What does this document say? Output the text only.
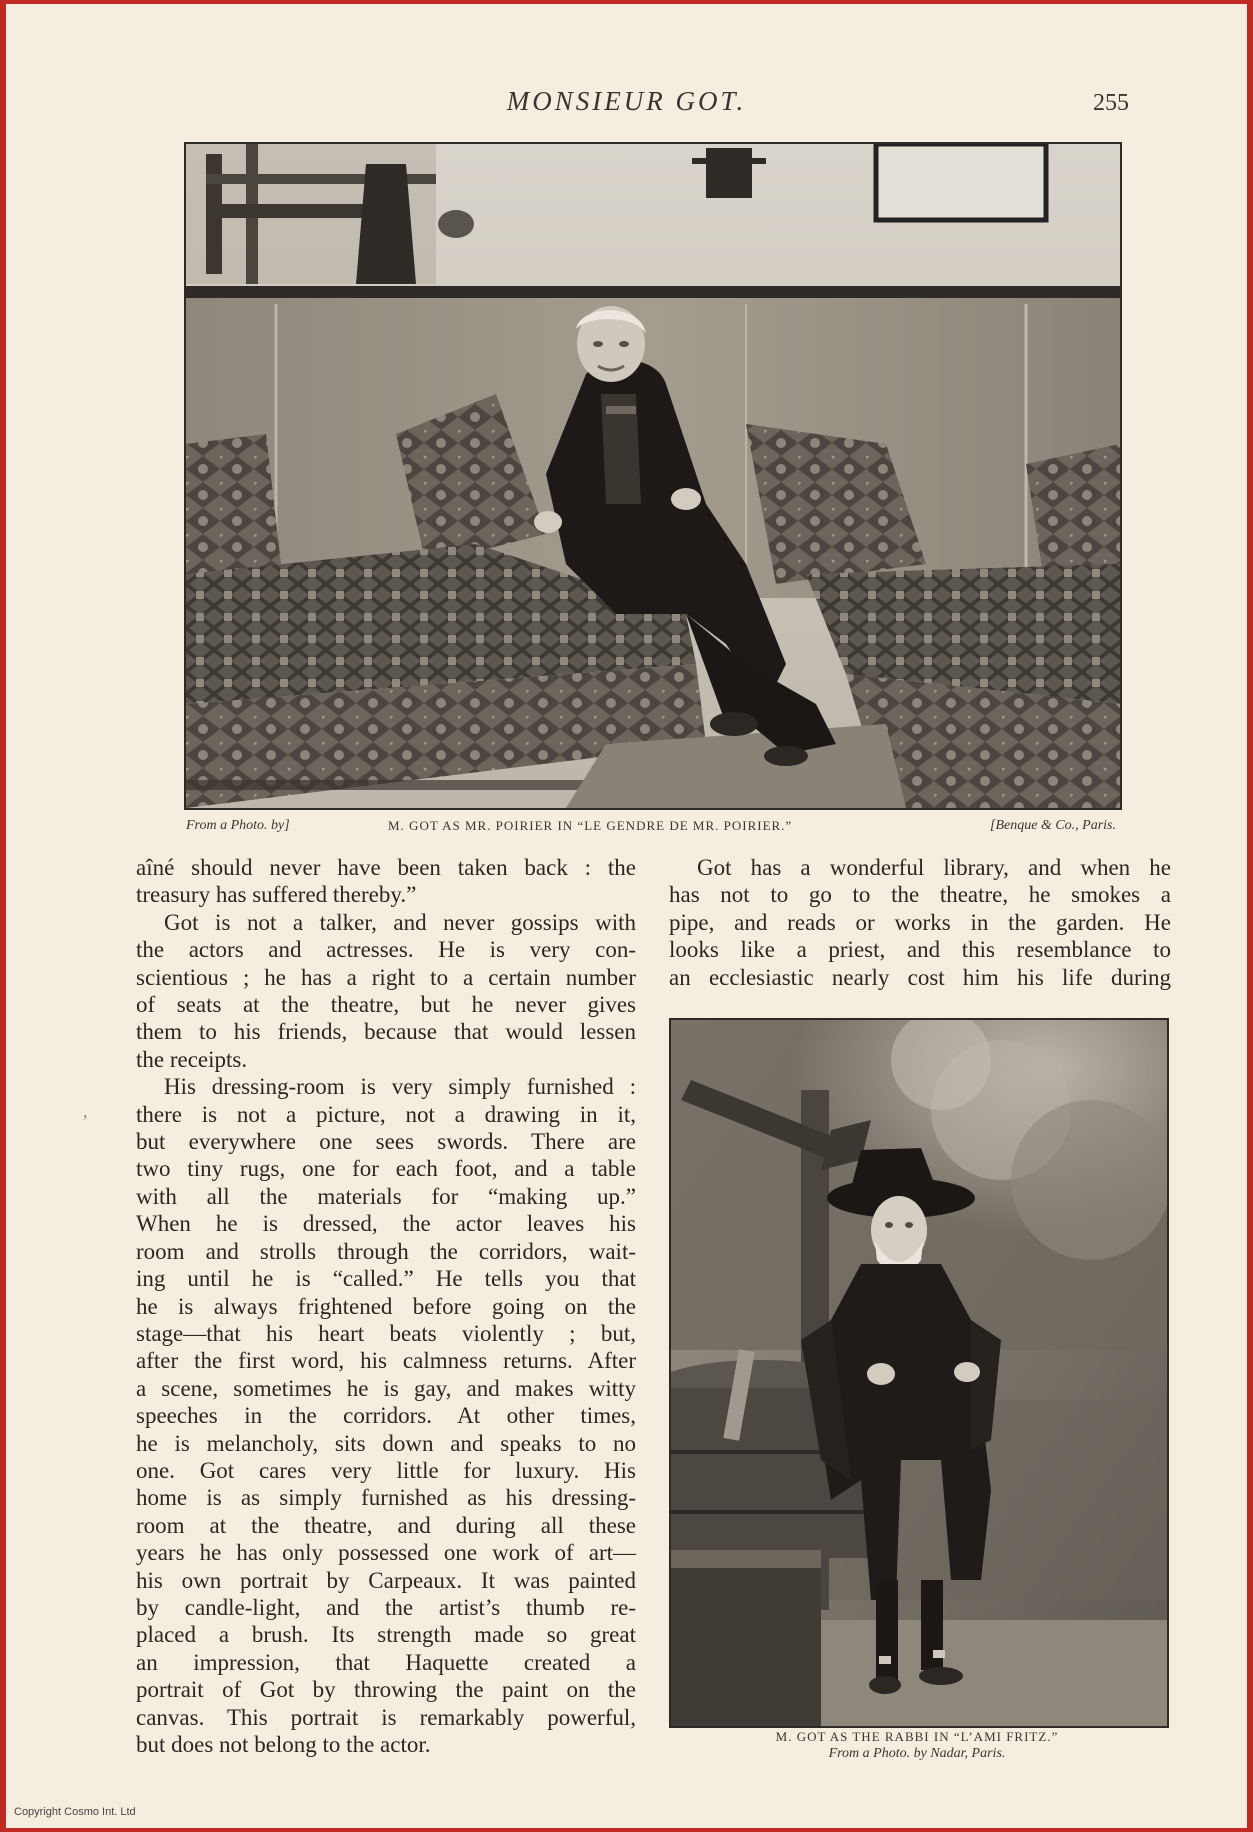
MONSIEUR GOT.	255
From a Photo. by]	M. GOT AS MR. POIRIER IN “LE GENDRE DE MR. POIRIER.”	[Benque & Co., Paris.
aîné should never have been taken back : the
treasury has suffered thereby.”
Got is not a talker, and never gossips with
the actors and actresses. He is very con-
scientious ; he has a right to a certain number
of seats at the theatre, but he never gives
them to his friends, because that would lessen
the receipts.
His dressing-room is very simply furnished :
there is not a picture, not a drawing in it,
but everywhere one sees swords. There are
two tiny rugs, one for each foot, and a table
with all the materials for “making up.”
When he is dressed, the actor leaves his
room and strolls through the corridors, wait-
ing until he is “called.” He tells you that
he is always frightened before going on the
stage—that his heart beats violently ; but,
after the first word, his calmness returns. After
a scene, sometimes he is gay, and makes witty
speeches in the corridors. At other times,
he is melancholy, sits down and speaks to no
one. Got cares very little for luxury. His
home is as simply furnished as his dressing-
room at the theatre, and during all these
years he has only possessed one work of art—
his own portrait by Carpeaux. It was painted
by candle-light, and the artist’s thumb re-
placed a brush. Its strength made so great
an impression, that Haquette created a
portrait of Got by throwing the paint on the
canvas. This portrait is remarkably powerful,
but does not belong to the actor.
Got has a wonderful library, and when he
has not to go to the theatre, he smokes a
pipe, and reads or works in the garden. He
looks like a priest, and this resemblance to
an ecclesiastic nearly cost him his life during
M. GOT AS THE RABBI IN “L’AMI FRITZ.”
From a Photo. by Nadar, Paris.
,
Copyright Cosmo Int. Ltd
